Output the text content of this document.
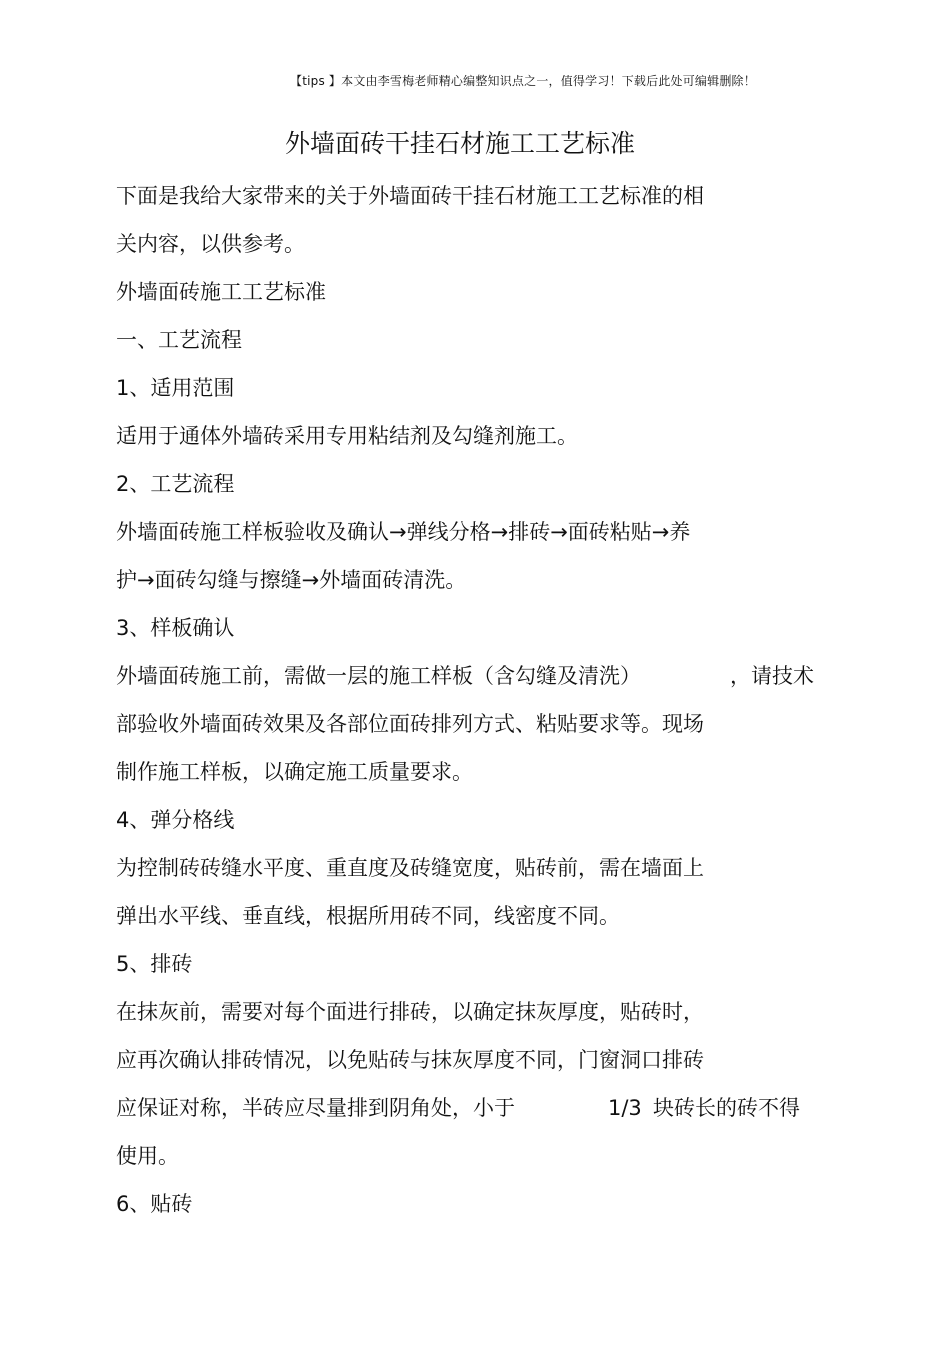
【tips 】本文由李雪梅老师精心编整知识点之一，值得学习！下载后此处可编辑删除！
外墙面砖干挂石材施工工艺标准
下面是我给大家带来的关于外墙面砖干挂石材施工工艺标准的相
关内容，以供参考。
外墙面砖施工工艺标准
一、工艺流程
1、适用范围
适用于通体外墙砖采用专用粘结剂及勾缝剂施工。
2、工艺流程
外墙面砖施工样板验收及确认→弹线分格→排砖→面砖粘贴→养
护→面砖勾缝与擦缝→外墙面砖清洗。
3、样板确认
外墙面砖施工前，需做一层的施工样板（含勾缝及清洗）	，请技术
部验收外墙面砖效果及各部位面砖排列方式、粘贴要求等。现场
制作施工样板，以确定施工质量要求。
4、弹分格线
为控制砖砖缝水平度、重直度及砖缝宽度，贴砖前，需在墙面上
弹出水平线、垂直线，根据所用砖不同，线密度不同。
5、排砖
在抹灰前，需要对每个面进行排砖，以确定抹灰厚度，贴砖时，
应再次确认排砖情况，以免贴砖与抹灰厚度不同，门窗洞口排砖
应保证对称，半砖应尽量排到阴角处，小于	1/3 块砖长的砖不得
使用。
6、贴砖
